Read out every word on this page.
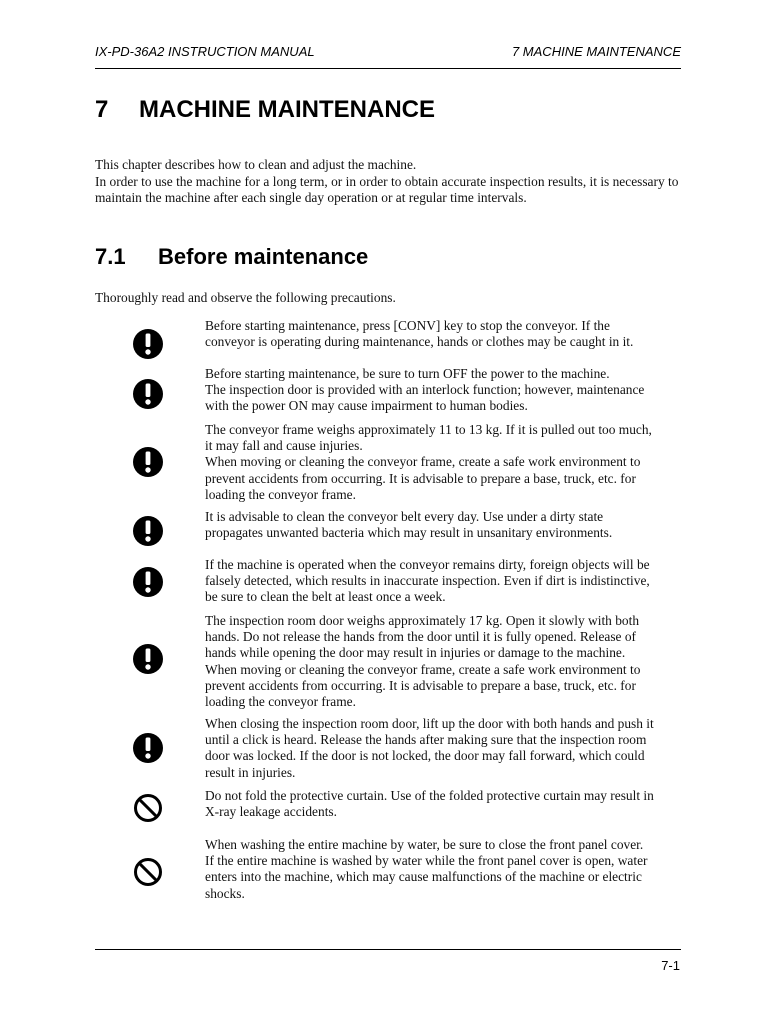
IX-PD-36A2 INSTRUCTION MANUAL	7 MACHINE MAINTENANCE
7 MACHINE MAINTENANCE

This chapter describes how to clean and adjust the machine.

In order to use the machine for a long term, or in order to obtain accurate inspection results, it is necessary to maintain the machine after each single day operation or at regular time intervals.

7.1 Before maintenance
Thoroughly read and observe the following precautions.
Before starting maintenance, press [CONV] key to stop the conveyor. If the
conveyor is operating during maintenance, hands or clothes may be caught in it.
Before starting maintenance, be sure to turn OFF the power to the machine.
The inspection door is provided with an interlock function; however, maintenance
with the power ON may cause impairment to human bodies.
The conveyor frame weighs approximately 11 to 13 kg. If it is pulled out too much,
it may fall and cause injuries.
When moving or cleaning the conveyor frame, create a safe work environment to
prevent accidents from occurring. It is advisable to prepare a base, truck, etc. for
loading the conveyor frame.
It is advisable to clean the conveyor belt every day. Use under a dirty state
propagates unwanted bacteria which may result in unsanitary environments.
If the machine is operated when the conveyor remains dirty, foreign objects will be
falsely detected, which results in inaccurate inspection. Even if dirt is indistinctive,
be sure to clean the belt at least once a week.
The inspection room door weighs approximately 17 kg. Open it slowly with both
hands. Do not release the hands from the door until it is fully opened. Release of
hands while opening the door may result in injuries or damage to the machine.
When moving or cleaning the conveyor frame, create a safe work environment to
prevent accidents from occurring. It is advisable to prepare a base, truck, etc. for
loading the conveyor frame.
When closing the inspection room door, lift up the door with both hands and push it
until a click is heard. Release the hands after making sure that the inspection room
door was locked. If the door is not locked, the door may fall forward, which could
result in injuries.
Do not fold the protective curtain. Use of the folded protective curtain may result in
X-ray leakage accidents.
When washing the entire machine by water, be sure to close the front panel cover.
If the entire machine is washed by water while the front panel cover is open, water
enters into the machine, which may cause malfunctions of the machine or electric
shocks.
7-1
